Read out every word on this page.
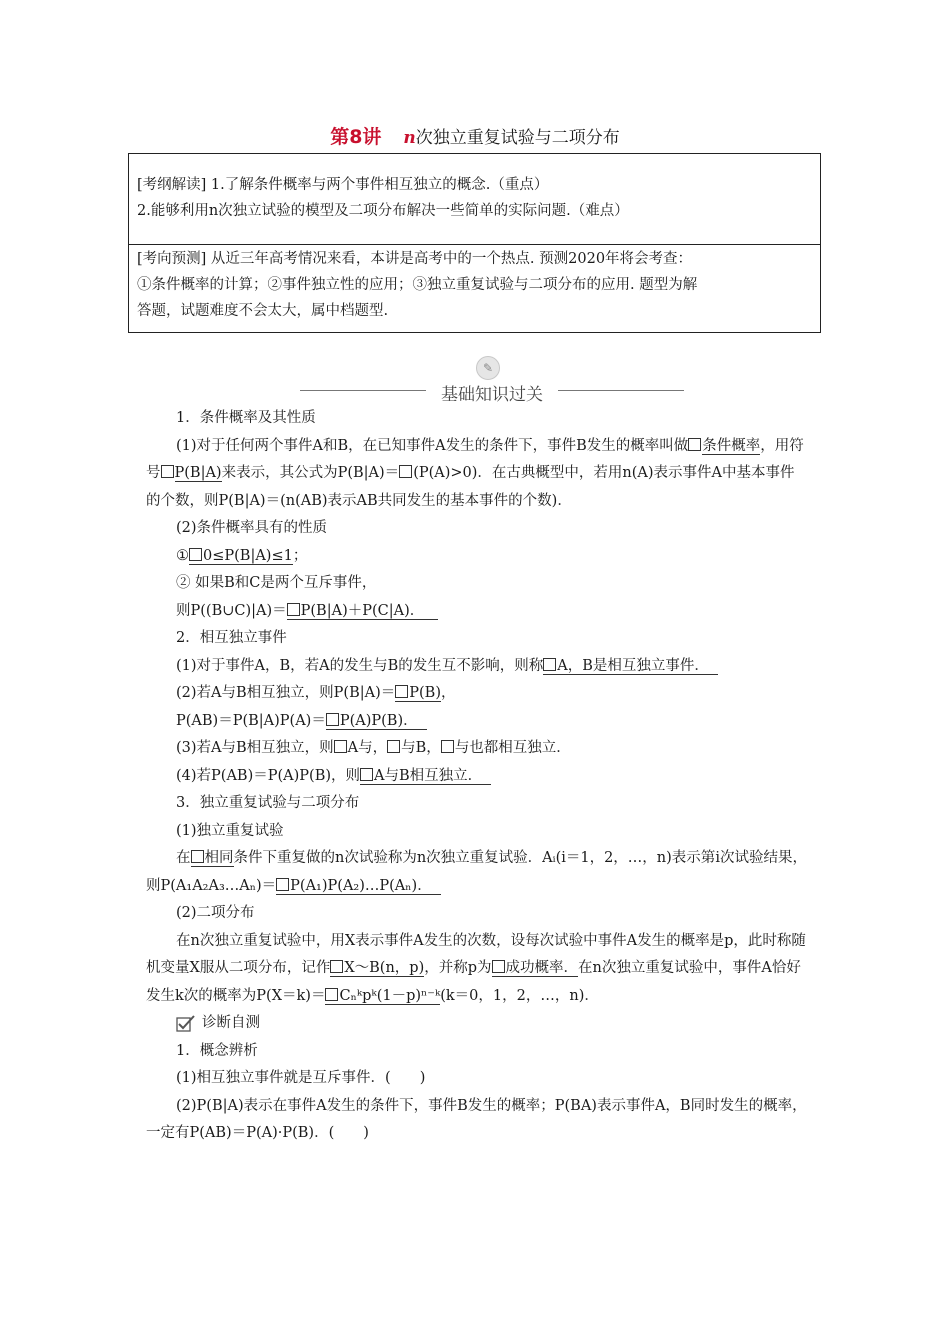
第8讲 n次独立重复试验与二项分布
[考纲解读] 1.了解条件概率与两个事件相互独立的概念.（重点）
2.能够利用n次独立试验的模型及二项分布解决一些简单的实际问题.（难点）
[考向预测] 从近三年高考情况来看，本讲是高考中的一个热点. 预测2020年将会考查：
①条件概率的计算；②事件独立性的应用；③独立重复试验与二项分布的应用. 题型为解
答题，试题难度不会太大，属中档题型.
✎
基础知识过关

1．条件概率及其性质

(1)对于任何两个事件A和B，在已知事件A发生的条件下，事件B发生的概率叫做 条件概率，用符号 P(B|A)来表示，其公式为P(B|A)＝ (P(A)>0)．在古典概型中，若用n(A)表示事件A中基本事件的个数，则P(B|A)＝(n(AB)表示AB共同发生的基本事件的个数)．

(2)条件概率具有的性质

① 0≤P(B|A)≤1；

② 如果B和C是两个互斥事件，

则P((B∪C)|A)＝ P(B|A)＋P(C|A)．

2．相互独立事件

(1)对于事件A，B，若A的发生与B的发生互不影响，则称 A，B是相互独立事件．

(2)若A与B相互独立，则P(B|A)＝ P(B)，

P(AB)＝P(B|A)P(A)＝ P(A)P(B)．

(3)若A与B相互独立，则 A与， 与B， 与也都相互独立．

(4)若P(AB)＝P(A)P(B)，则 A与B相互独立．

3．独立重复试验与二项分布

(1)独立重复试验

在 相同条件下重复做的n次试验称为n次独立重复试验．Aᵢ(i＝1，2，…，n)表示第i次试验结果，则P(A₁A₂A₃…Aₙ)＝ P(A₁)P(A₂)…P(Aₙ)．

(2)二项分布

在n次独立重复试验中，用X表示事件A发生的次数，设每次试验中事件A发生的概率是p，此时称随机变量X服从二项分布，记作 X～B(n，p)，并称p为 成功概率．在n次独立重复试验中，事件A恰好发生k次的概率为P(X＝k)＝ Cₙᵏpᵏ(1－p)ⁿ⁻ᵏ(k＝0，1，2，…，n)．

诊断自测

1．概念辨析

(1)相互独立事件就是互斥事件．(　　)

(2)P(B|A)表示在事件A发生的条件下，事件B发生的概率；P(BA)表示事件A，B同时发生的概率，一定有P(AB)＝P(A)·P(B)．(　　)
